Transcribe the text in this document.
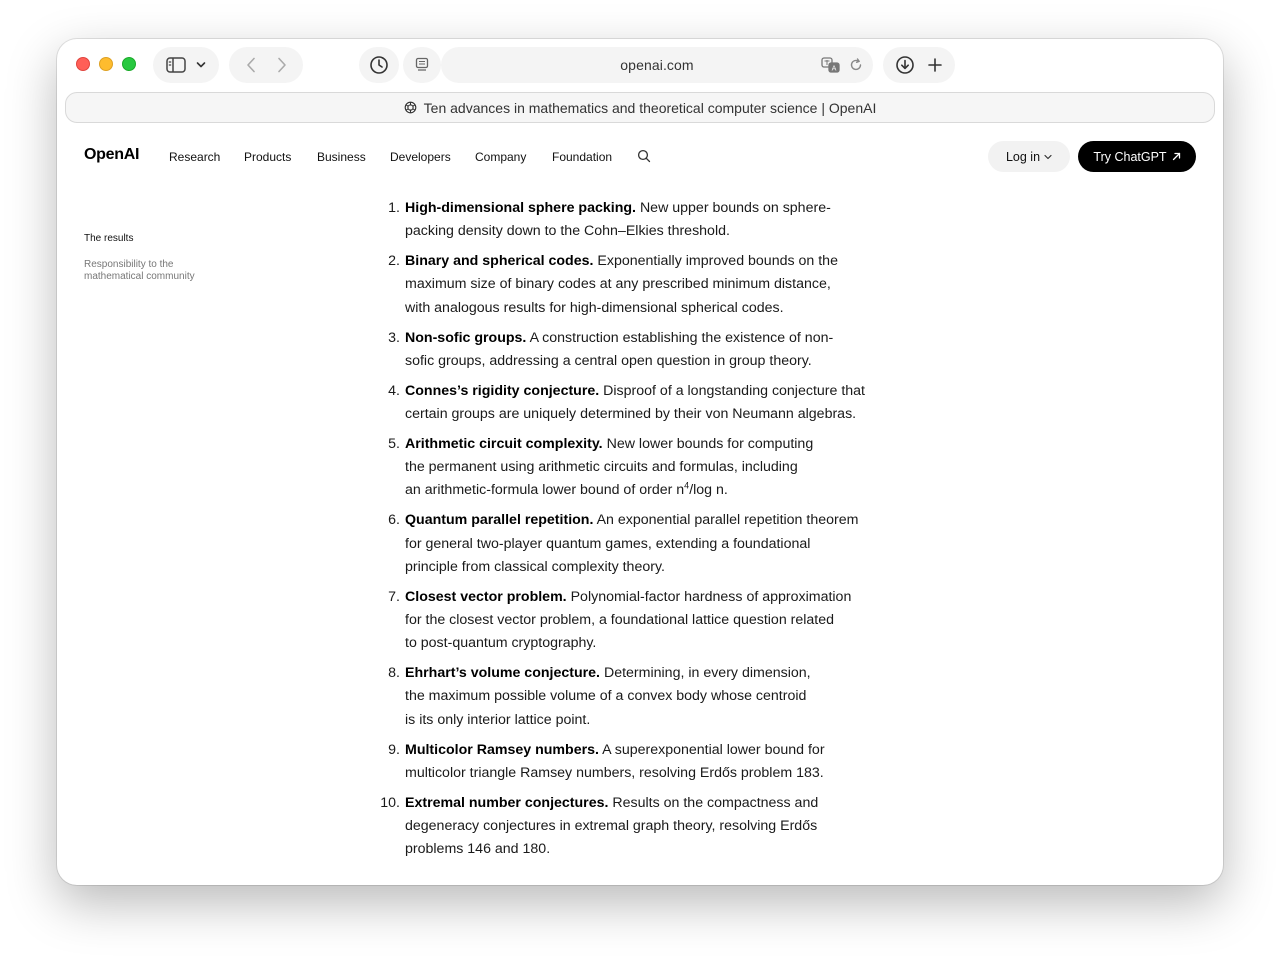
openai.com	A
Ten advances in mathematics and theoretical computer science | OpenAI
OpenAI Research Products Business Developers Company Foundation	Log in	Try ChatGPT
The results
Responsibility to the mathematical community
1. High-dimensional sphere packing. New upper bounds on sphere-
packing density down to the Cohn–Elkies threshold.
2. Binary and spherical codes. Exponentially improved bounds on the
maximum size of binary codes at any prescribed minimum distance,
with analogous results for high-dimensional spherical codes.
3. Non-sofic groups. A construction establishing the existence of non-
sofic groups, addressing a central open question in group theory.
4. Connes’s rigidity conjecture. Disproof of a longstanding conjecture that
certain groups are uniquely determined by their von Neumann algebras.
5. Arithmetic circuit complexity. New lower bounds for computing
the permanent using arithmetic circuits and formulas, including
an arithmetic-formula lower bound of order $n^4/\log$ n.
6. Quantum parallel repetition. An exponential parallel repetition theorem
for general two-player quantum games, extending a foundational
principle from classical complexity theory.
7. Closest vector problem. Polynomial-factor hardness of approximation
for the closest vector problem, a foundational lattice question related
to post-quantum cryptography.
8. Ehrhart’s volume conjecture. Determining, in every dimension,
the maximum possible volume of a convex body whose centroid
is its only interior lattice point.
9. Multicolor Ramsey numbers. A superexponential lower bound for
multicolor triangle Ramsey numbers, resolving Erdős problem 183.
10. Extremal number conjectures. Results on the compactness and
degeneracy conjectures in extremal graph theory, resolving Erdős
problems 146 and 180.
